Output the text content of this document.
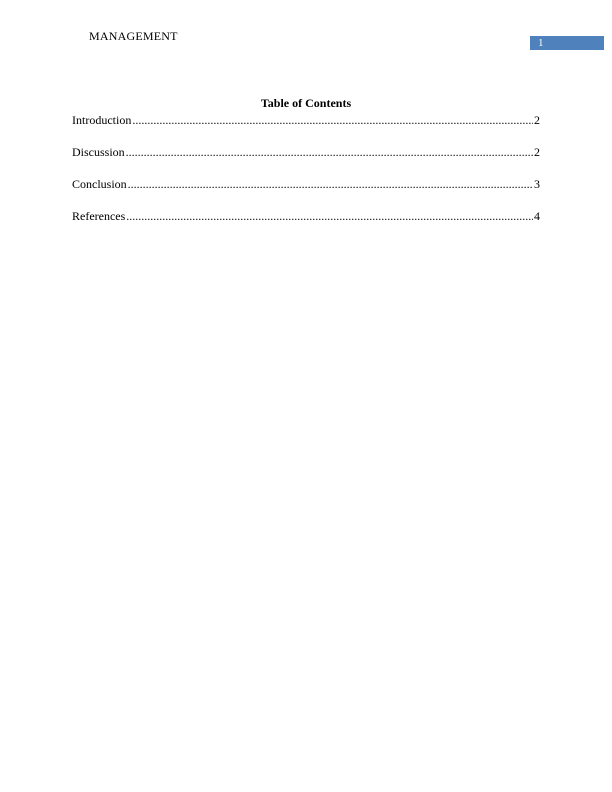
MANAGEMENT	1
Table of Contents
Introduction .....	2
Discussion .....	2
Conclusion .....	3
References .....	4
